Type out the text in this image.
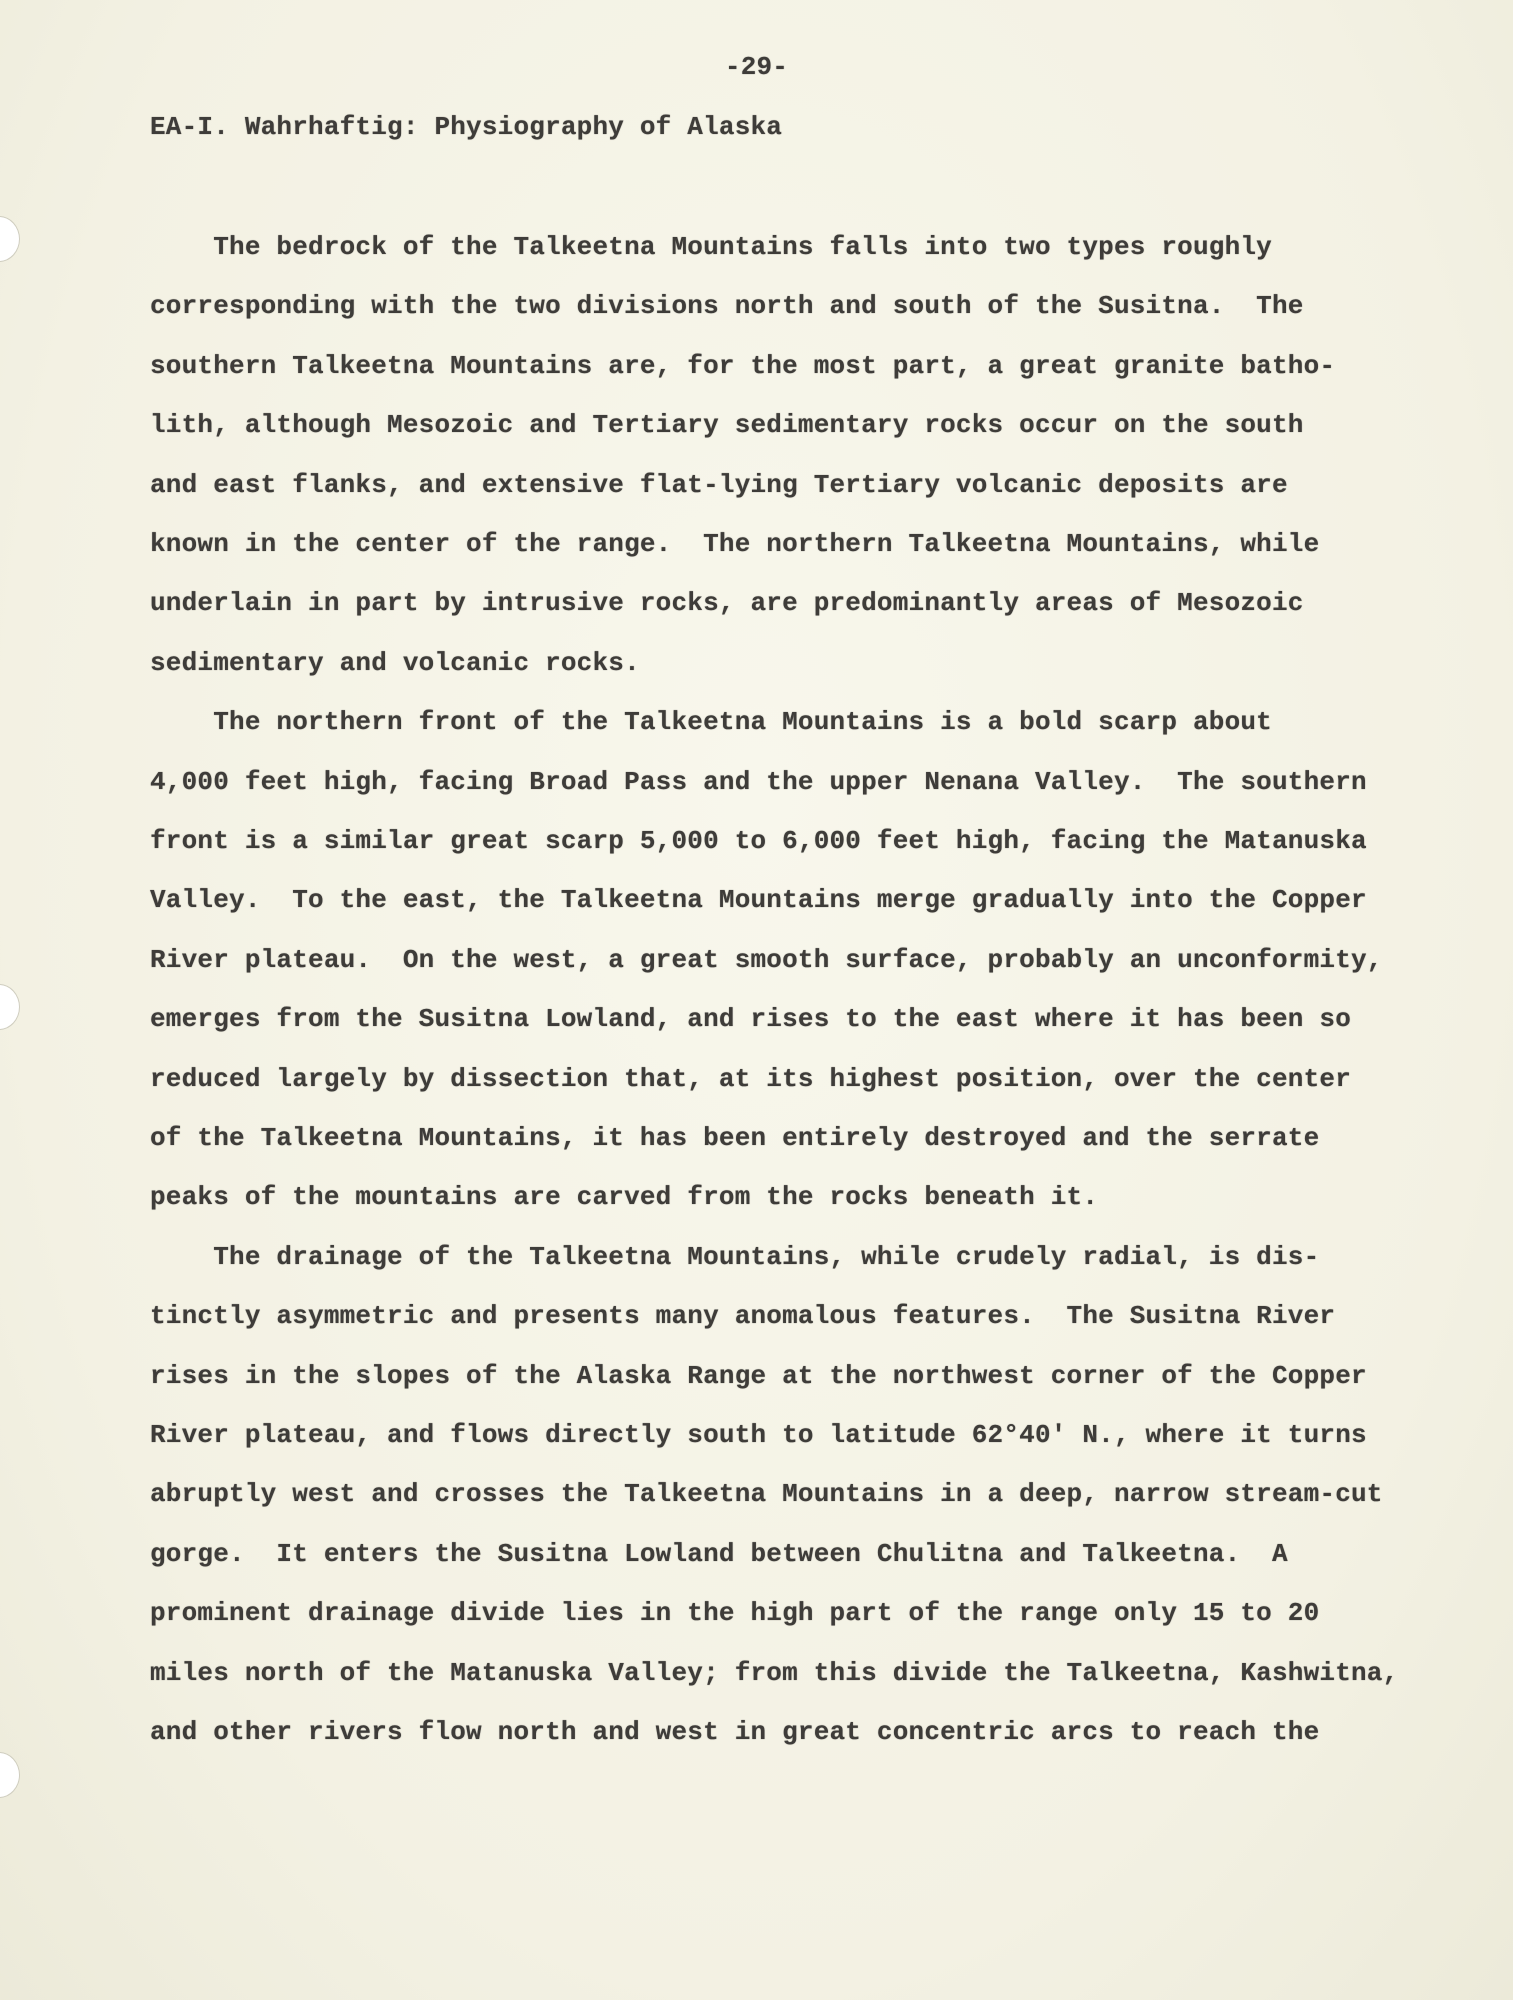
-29-
EA-I. Wahrhaftig: Physiography of Alaska
The bedrock of the Talkeetna Mountains falls into two types roughly
corresponding with the two divisions north and south of the Susitna.  The
southern Talkeetna Mountains are, for the most part, a great granite batho-
lith, although Mesozoic and Tertiary sedimentary rocks occur on the south
and east flanks, and extensive flat-lying Tertiary volcanic deposits are
known in the center of the range.  The northern Talkeetna Mountains, while
underlain in part by intrusive rocks, are predominantly areas of Mesozoic
sedimentary and volcanic rocks.
The northern front of the Talkeetna Mountains is a bold scarp about
4,000 feet high, facing Broad Pass and the upper Nenana Valley.  The southern
front is a similar great scarp 5,000 to 6,000 feet high, facing the Matanuska
Valley.  To the east, the Talkeetna Mountains merge gradually into the Copper
River plateau.  On the west, a great smooth surface, probably an unconformity,
emerges from the Susitna Lowland, and rises to the east where it has been so
reduced largely by dissection that, at its highest position, over the center
of the Talkeetna Mountains, it has been entirely destroyed and the serrate
peaks of the mountains are carved from the rocks beneath it.
The drainage of the Talkeetna Mountains, while crudely radial, is dis-
tinctly asymmetric and presents many anomalous features.  The Susitna River
rises in the slopes of the Alaska Range at the northwest corner of the Copper
River plateau, and flows directly south to latitude 62°40' N., where it turns
abruptly west and crosses the Talkeetna Mountains in a deep, narrow stream-cut
gorge.  It enters the Susitna Lowland between Chulitna and Talkeetna.  A
prominent drainage divide lies in the high part of the range only 15 to 20
miles north of the Matanuska Valley; from this divide the Talkeetna, Kashwitna,
and other rivers flow north and west in great concentric arcs to reach the
